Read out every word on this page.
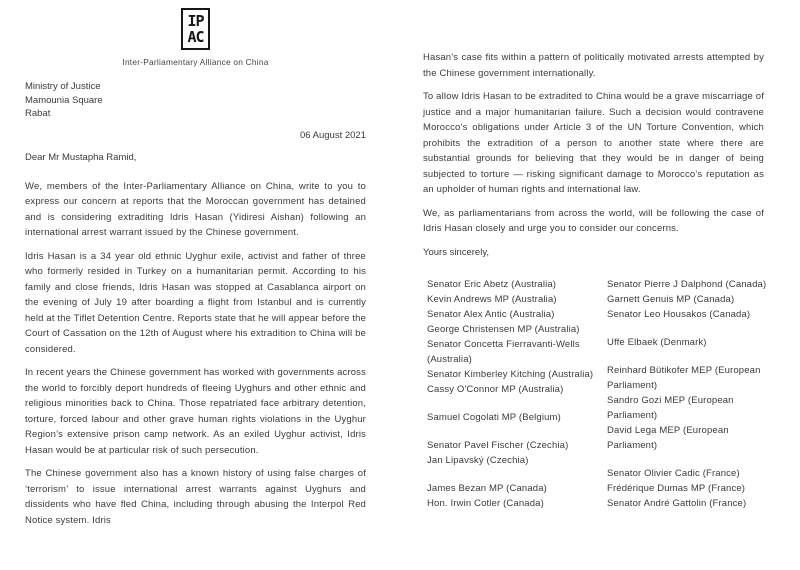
IP
AC
Inter-Parliamentary Alliance on China
Ministry of Justice
Mamounia Square
Rabat
06 August 2021
Dear Mr Mustapha Ramid,
We, members of the Inter-Parliamentary Alliance on China, write to you to express our concern at reports that the Moroccan government has detained and is considering extraditing Idris Hasan (Yidiresi Aishan) following an international arrest warrant issued by the Chinese government.
Idris Hasan is a 34 year old ethnic Uyghur exile, activist and father of three who formerly resided in Turkey on a humanitarian permit. According to his family and close friends, Idris Hasan was stopped at Casablanca airport on the evening of July 19 after boarding a flight from Istanbul and is currently held at the Tiflet Detention Centre. Reports state that he will appear before the Court of Cassation on the 12th of August where his extradition to China will be considered.
In recent years the Chinese government has worked with governments across the world to forcibly deport hundreds of fleeing Uyghurs and other ethnic and religious minorities back to China. Those repatriated face arbitrary detention, torture, forced labour and other grave human rights violations in the Uyghur Region’s extensive prison camp network. As an exiled Uyghur activist, Idris Hasan would be at particular risk of such persecution.
The Chinese government also has a known history of using false charges of ‘terrorism’ to issue international arrest warrants against Uyghurs and dissidents who have fled China, including through abusing the Interpol Red Notice system. Idris
Hasan’s case fits within a pattern of politically motivated arrests attempted by the Chinese government internationally.
To allow Idris Hasan to be extradited to China would be a grave miscarriage of justice and a major humanitarian failure. Such a decision would contravene Morocco’s obligations under Article 3 of the UN Torture Convention, which prohibits the extradition of a person to another state where there are substantial grounds for believing that they would be in danger of being subjected to torture — risking significant damage to Morocco’s reputation as an upholder of human rights and international law.
We, as parliamentarians from across the world, will be following the case of Idris Hasan closely and urge you to consider our concerns.
Yours sincerely,
Senator Eric Abetz (Australia)
Kevin Andrews MP (Australia)
Senator Alex Antic (Australia)
George Christensen MP (Australia)
Senator Concetta Fierravanti-Wells
(Australia)
Senator Kimberley Kitching (Australia)
Cassy O'Connor MP (Australia)
Samuel Cogolati MP (Belgium)
Senator Pavel Fischer (Czechia)
Jan Lipavský (Czechia)
James Bezan MP (Canada)
Hon. Irwin Cotler (Canada)
Senator Pierre J Dalphond (Canada)
Garnett Genuis MP (Canada)
Senator Leo Housakos (Canada)
Uffe Elbaek (Denmark)
Reinhard Bütikofer MEP (European
Parliament)
Sandro Gozi MEP (European
Parliament)
David Lega MEP (European
Parliament)
Senator Olivier Cadic (France)
Frédérique Dumas MP (France)
Senator André Gattolin (France)
